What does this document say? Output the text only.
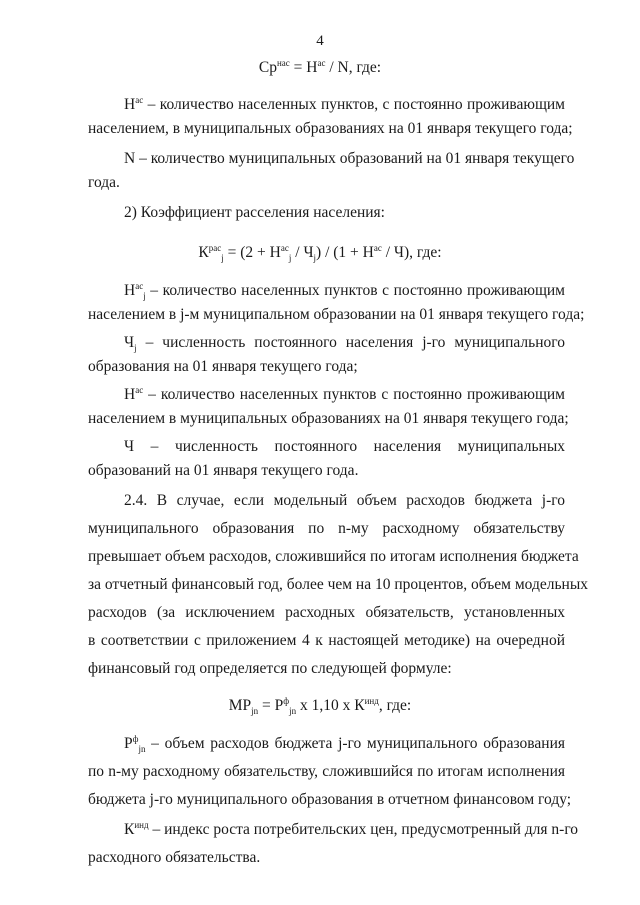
4
$Ср^{нас} = Н^{ас} / N$, где:
$Н^{ас}$ – количество населенных пунктов, с постоянно проживающим
населением, в муниципальных образованиях на 01 января текущего года;
N – количество муниципальных образований на 01 января текущего
года.
2) Коэффициент расселения населения:
$К^{рас}_j = (2 + Н^{ас}_j / Ч_j) / (1 + Н^{ас} / Ч)$, где:
$Н^{ас}_j$ – количество населенных пунктов с постоянно проживающим
населением в j-м муниципальном образовании на 01 января текущего года;
$Ч_j$ – численность постоянного населения j-го муниципального
образования на 01 января текущего года;
$Н^{ас}$ – количество населенных пунктов с постоянно проживающим
населением в муниципальных образованиях на 01 января текущего года;
Ч – численность постоянного населения муниципальных
образований на 01 января текущего года.
2.4. В случае, если модельный объем расходов бюджета j-го
муниципального образования по n-му расходному обязательству
превышает объем расходов, сложившийся по итогам исполнения бюджета
за отчетный финансовый год, более чем на 10 процентов, объем модельных
расходов (за исключением расходных обязательств, установленных
в соответствии с приложением 4 к настоящей методике) на очередной
финансовый год определяется по следующей формуле:
$МР_{jn} = Р^ф_{jn}$ x 1,10 x $К^{инд}$, где:
$Р^ф_{jn}$ – объем расходов бюджета j-го муниципального образования
по n-му расходному обязательству, сложившийся по итогам исполнения
бюджета j-го муниципального образования в отчетном финансовом году;
$К^{инд}$ – индекс роста потребительских цен, предусмотренный для n-го
расходного обязательства.
